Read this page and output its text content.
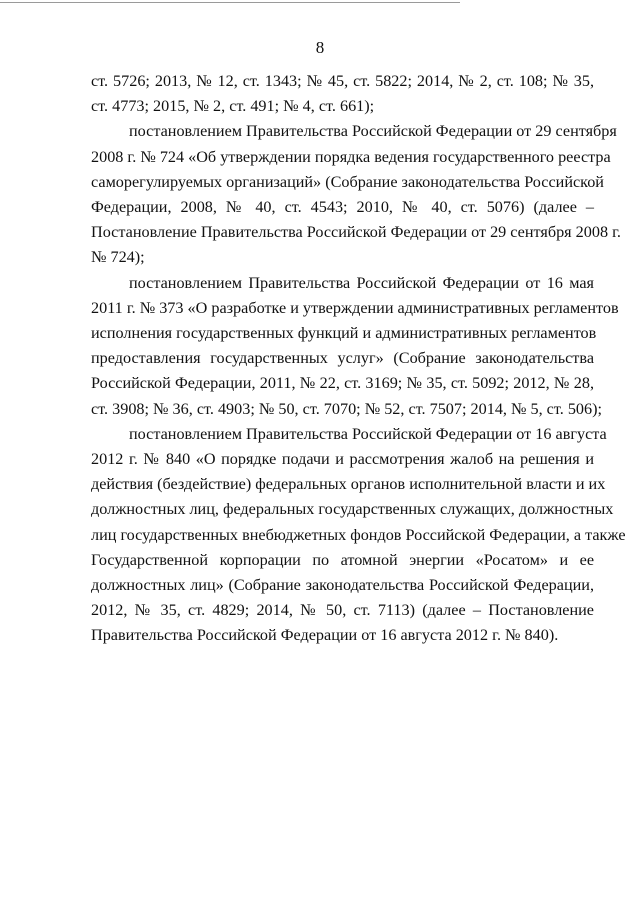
8

ст. 5726; 2013, № 12, ст. 1343; № 45, ст. 5822; 2014, № 2, ст. 108; № 35,
ст. 4773; 2015, № 2, ст. 491; № 4, ст. 661);

постановлением Правительства Российской Федерации от 29 сентября
2008 г. № 724 «Об утверждении порядка ведения государственного реестра
саморегулируемых организаций» (Собрание законодательства Российской
Федерации, 2008, № 40, ст. 4543; 2010, № 40, ст. 5076) (далее –
Постановление Правительства Российской Федерации от 29 сентября 2008 г.
№ 724);

постановлением Правительства Российской Федерации от 16 мая
2011 г. № 373 «О разработке и утверждении административных регламентов
исполнения государственных функций и административных регламентов
предоставления государственных услуг» (Собрание законодательства
Российской Федерации, 2011, № 22, ст. 3169; № 35, ст. 5092; 2012, № 28,
ст. 3908; № 36, ст. 4903; № 50, ст. 7070; № 52, ст. 7507; 2014, № 5, ст. 506);

постановлением Правительства Российской Федерации от 16 августа
2012 г. № 840 «О порядке подачи и рассмотрения жалоб на решения и
действия (бездействие) федеральных органов исполнительной власти и их
должностных лиц, федеральных государственных служащих, должностных
лиц государственных внебюджетных фондов Российской Федерации, а также
Государственной корпорации по атомной энергии «Росатом» и ее
должностных лиц» (Собрание законодательства Российской Федерации,
2012, № 35, ст. 4829; 2014, № 50, ст. 7113) (далее – Постановление
Правительства Российской Федерации от 16 августа 2012 г. № 840).
